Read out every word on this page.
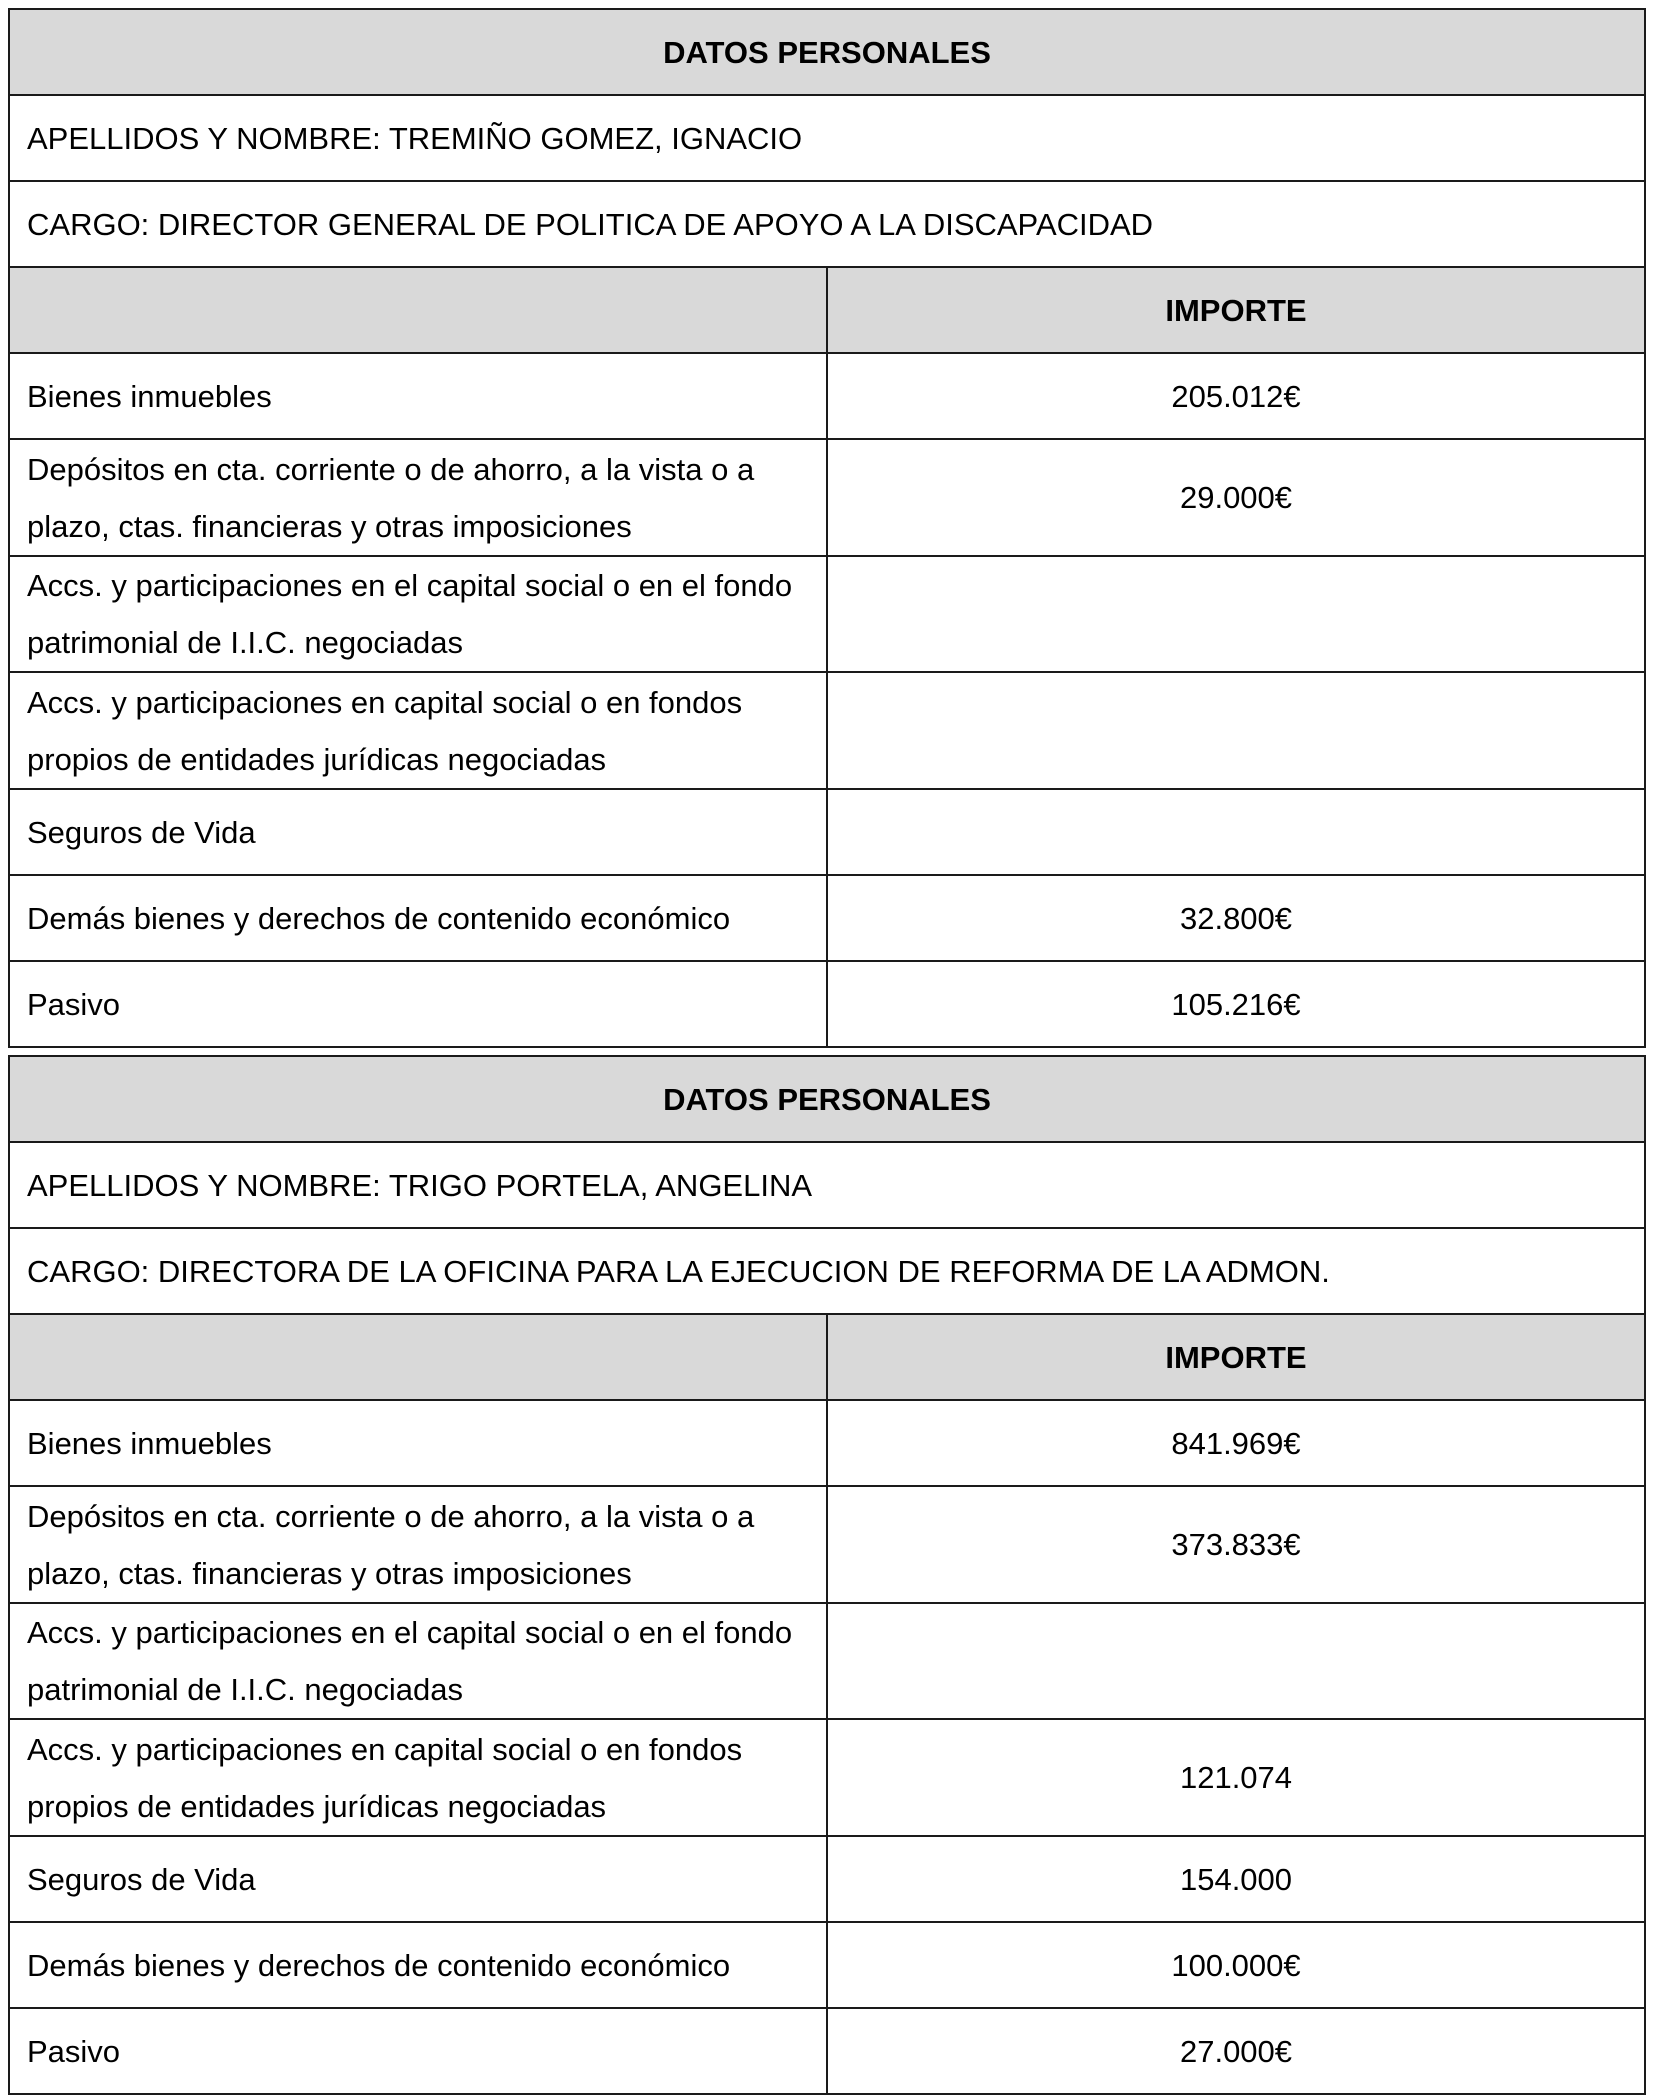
DATOS PERSONALES	
APELLIDOS Y NOMBRE: TREMIÑO GOMEZ, IGNACIO	
CARGO: DIRECTOR GENERAL DE POLITICA DE APOYO A LA DISCAPACIDAD	
	IMPORTE
Bienes inmuebles	205.012€
Depósitos en cta. corriente o de ahorro, a la vista o a plazo, ctas. financieras y otras imposiciones	29.000€
Accs. y participaciones en el capital social o en el fondo patrimonial de I.I.C. negociadas	
Accs. y participaciones en capital social o en fondos propios de entidades jurídicas negociadas	
Seguros de Vida	
Demás bienes y derechos de contenido económico	32.800€
Pasivo	105.216€
DATOS PERSONALES	
APELLIDOS Y NOMBRE: TRIGO PORTELA, ANGELINA	
CARGO: DIRECTORA DE LA OFICINA PARA LA EJECUCION DE REFORMA DE LA ADMON.	
	IMPORTE
Bienes inmuebles	841.969€
Depósitos en cta. corriente o de ahorro, a la vista o a plazo, ctas. financieras y otras imposiciones	373.833€
Accs. y participaciones en el capital social o en el fondo patrimonial de I.I.C. negociadas	
Accs. y participaciones en capital social o en fondos propios de entidades jurídicas negociadas	121.074
Seguros de Vida	154.000
Demás bienes y derechos de contenido económico	100.000€
Pasivo	27.000€
